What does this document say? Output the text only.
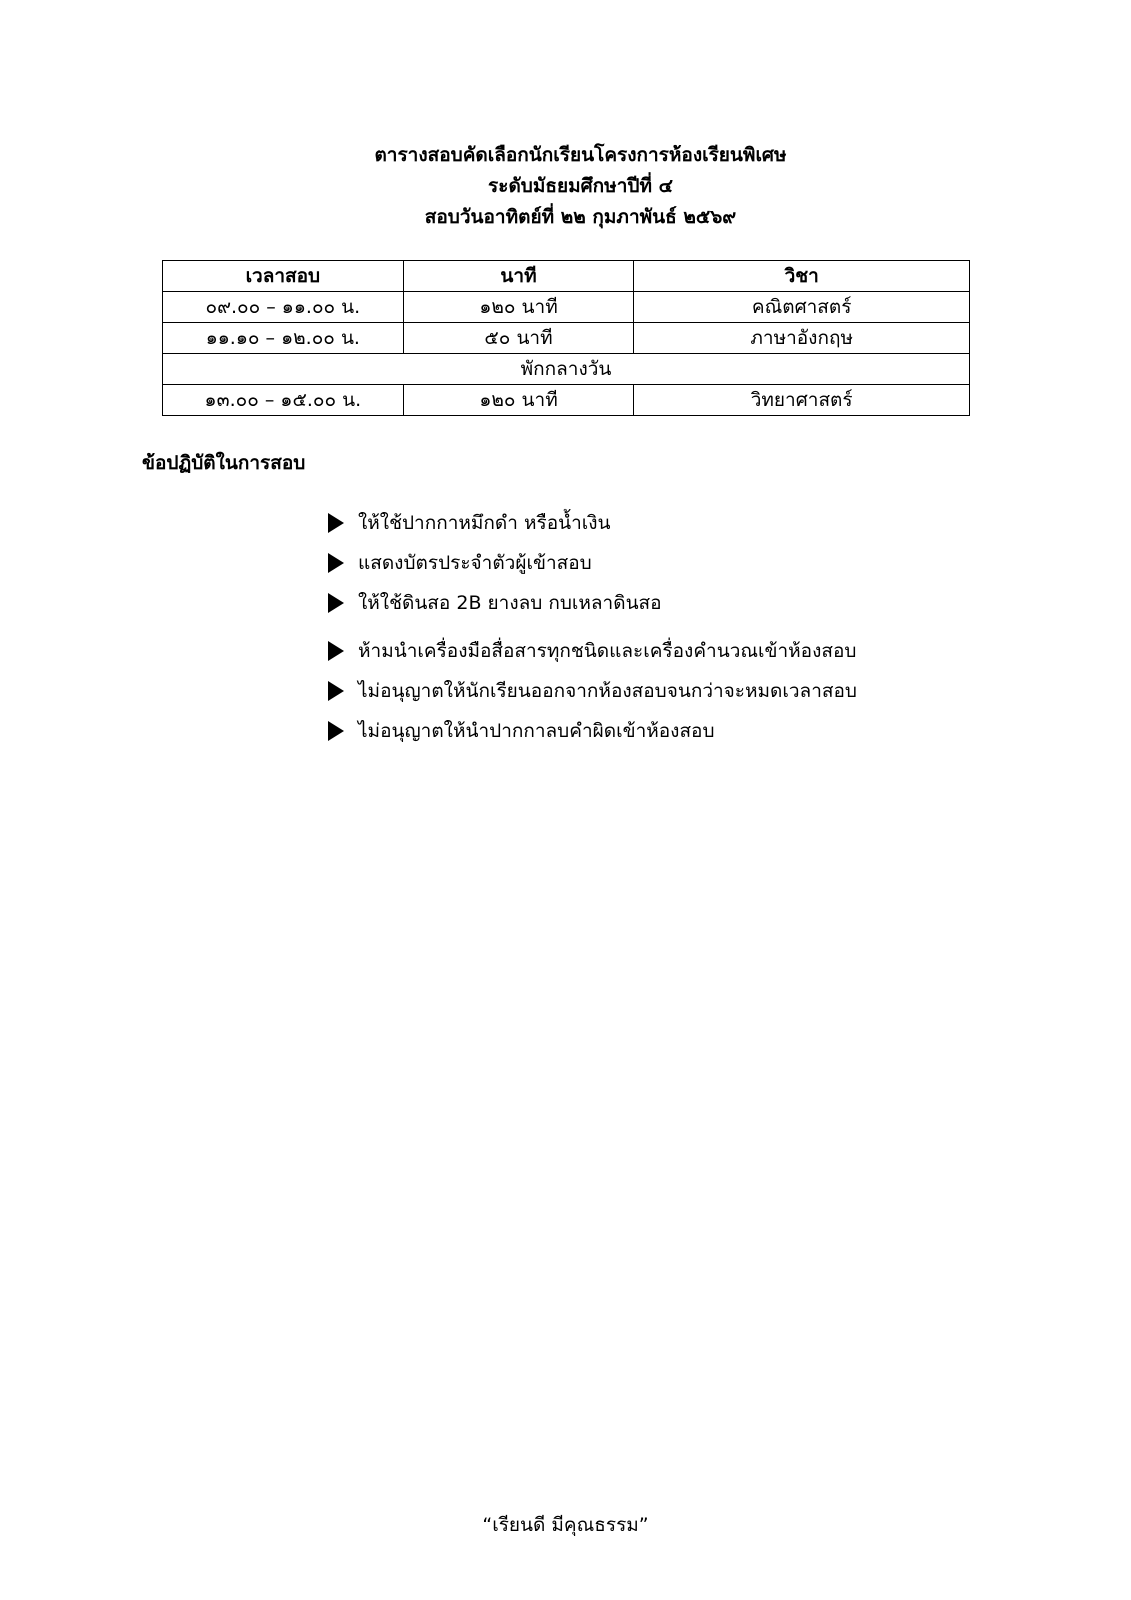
ตารางสอบคัดเลือกนักเรียนโครงการห้องเรียนพิเศษ
ระดับมัธยมศึกษาปีที่ ๔
สอบวันอาทิตย์ที่ ๒๒ กุมภาพันธ์ ๒๕๖๙
เวลาสอบ	นาที	วิชา
๐๙.๐๐ – ๑๑.๐๐ น.	๑๒๐ นาที	คณิตศาสตร์
๑๑.๑๐ – ๑๒.๐๐ น.	๕๐ นาที	ภาษาอังกฤษ
พักกลางวัน		
๑๓.๐๐ – ๑๕.๐๐ น.	๑๒๐ นาที	วิทยาศาสตร์
ข้อปฏิบัติในการสอบ
ให้ใช้ปากกาหมึกดำ หรือน้ำเงิน
แสดงบัตรประจำตัวผู้เข้าสอบ
ให้ใช้ดินสอ 2B ยางลบ กบเหลาดินสอ
ห้ามนำเครื่องมือสื่อสารทุกชนิดและเครื่องคำนวณเข้าห้องสอบ
ไม่อนุญาตให้นักเรียนออกจากห้องสอบจนกว่าจะหมดเวลาสอบ
ไม่อนุญาตให้นำปากกาลบคำผิดเข้าห้องสอบ
“เรียนดี มีคุณธรรม”
